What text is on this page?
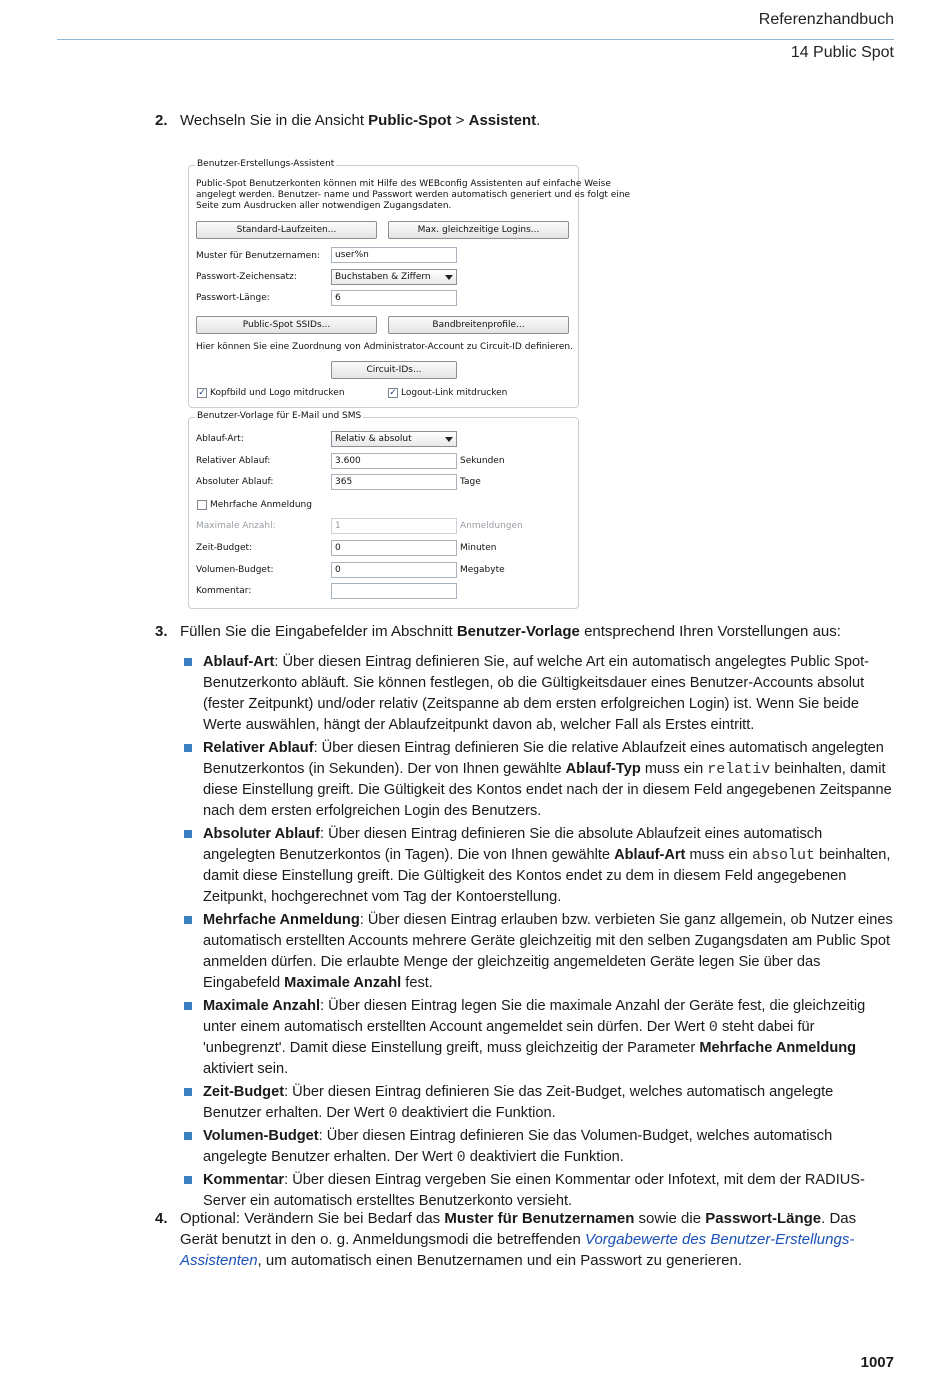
Referenzhandbuch
14 Public Spot
2. Wechseln Sie in die Ansicht Public-Spot > Assistent.
Benutzer-Erstellungs-Assistent
Public-Spot Benutzerkonten können mit Hilfe des WEBconfig Assistenten auf einfache Weise
angelegt werden. Benutzer- name und Passwort werden automatisch generiert und es folgt eine
Seite zum Ausdrucken aller notwendigen Zugangsdaten.
Standard-Laufzeiten...	Max. gleichzeitige Logins...
Muster für Benutzernamen:	user%n
Passwort-Zeichensatz:	Buchstaben & Ziffern
Passwort-Länge:	6
Public-Spot SSIDs...	Bandbreitenprofile...
Hier können Sie eine Zuordnung von Administrator-Account zu Circuit-ID definieren.
Circuit-IDs...
✓ Kopfbild und Logo mitdrucken	✓ Logout-Link mitdrucken
Benutzer-Vorlage für E-Mail und SMS
Ablauf-Art:	Relativ & absolut
Relativer Ablauf:	3.600	Sekunden
Absoluter Ablauf:	365	Tage
Mehrfache Anmeldung
Maximale Anzahl:	1	Anmeldungen
Zeit-Budget:	0	Minuten
Volumen-Budget:	0	Megabyte
Kommentar:
3. Füllen Sie die Eingabefelder im Abschnitt Benutzer-Vorlage entsprechend Ihren Vorstellungen aus:
Ablauf-Art: Über diesen Eintrag definieren Sie, auf welche Art ein automatisch angelegtes Public Spot-Benutzerkonto abläuft. Sie können festlegen, ob die Gültigkeitsdauer eines Benutzer-Accounts absolut (fester Zeitpunkt) und/oder relativ (Zeitspanne ab dem ersten erfolgreichen Login) ist. Wenn Sie beide Werte auswählen, hängt der Ablaufzeitpunkt davon ab, welcher Fall als Erstes eintritt.
Relativer Ablauf: Über diesen Eintrag definieren Sie die relative Ablaufzeit eines automatisch angelegten Benutzerkontos (in Sekunden). Der von Ihnen gewählte Ablauf-Typ muss ein relativ beinhalten, damit diese Einstellung greift. Die Gültigkeit des Kontos endet nach der in diesem Feld angegebenen Zeitspanne nach dem ersten erfolgreichen Login des Benutzers.
Absoluter Ablauf: Über diesen Eintrag definieren Sie die absolute Ablaufzeit eines automatisch angelegten Benutzerkontos (in Tagen). Die von Ihnen gewählte Ablauf-Art muss ein absolut beinhalten, damit diese Einstellung greift. Die Gültigkeit des Kontos endet zu dem in diesem Feld angegebenen Zeitpunkt, hochgerechnet vom Tag der Kontoerstellung.
Mehrfache Anmeldung: Über diesen Eintrag erlauben bzw. verbieten Sie ganz allgemein, ob Nutzer eines automatisch erstellten Accounts mehrere Geräte gleichzeitig mit den selben Zugangsdaten am Public Spot anmelden dürfen. Die erlaubte Menge der gleichzeitig angemeldeten Geräte legen Sie über das Eingabefeld Maximale Anzahl fest.
Maximale Anzahl: Über diesen Eintrag legen Sie die maximale Anzahl der Geräte fest, die gleichzeitig unter einem automatisch erstellten Account angemeldet sein dürfen. Der Wert 0 steht dabei für 'unbegrenzt'. Damit diese Einstellung greift, muss gleichzeitig der Parameter Mehrfache Anmeldung aktiviert sein.
Zeit-Budget: Über diesen Eintrag definieren Sie das Zeit-Budget, welches automatisch angelegte Benutzer erhalten. Der Wert 0 deaktiviert die Funktion.
Volumen-Budget: Über diesen Eintrag definieren Sie das Volumen-Budget, welches automatisch angelegte Benutzer erhalten. Der Wert 0 deaktiviert die Funktion.
Kommentar: Über diesen Eintrag vergeben Sie einen Kommentar oder Infotext, mit dem der RADIUS-Server ein automatisch erstelltes Benutzerkonto versieht.
4. Optional: Verändern Sie bei Bedarf das Muster für Benutzernamen sowie die Passwort-Länge. Das Gerät benutzt in den o. g. Anmeldungsmodi die betreffenden Vorgabewerte des Benutzer-Erstellungs-Assistenten, um automatisch einen Benutzernamen und ein Passwort zu generieren.
1007
